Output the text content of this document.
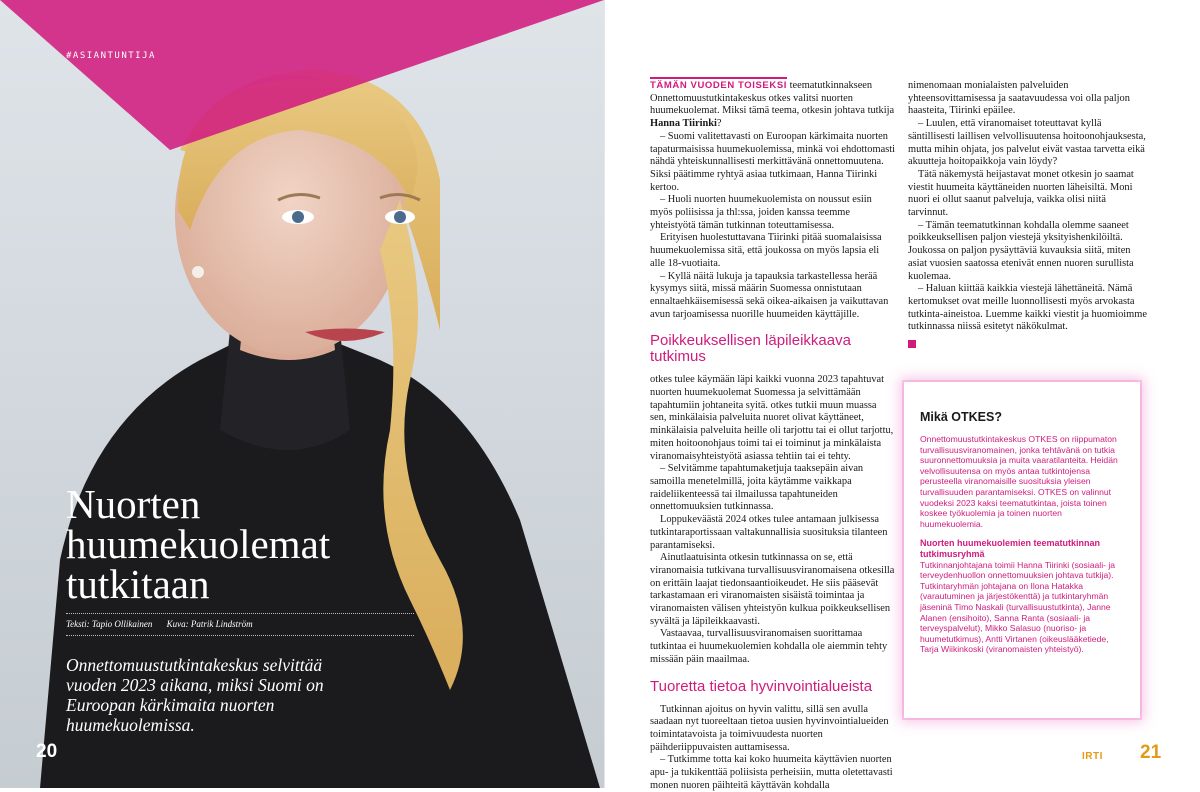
#ASIANTUNTIJA
Nuorten
huumekuolemat
tutkitaan
Teksti: Tapio Ollikainen Kuva: Patrik Lindström
Onnettomuustutkintakeskus selvittää vuoden 2023 aikana, miksi Suomi on Euroopan kärkimaita nuorten huumekuolemissa.
20

TÄMÄN VUODEN TOISEKSI teematutkinnakseen Onnettomuustutkintakeskus otkes valitsi nuorten huumekuolemat. Miksi tämä teema, otkesin johtava tutkija Hanna Tiirinki?

– Suomi valitettavasti on Euroopan kärkimaita nuorten tapaturmaisissa huumekuolemissa, minkä voi ehdottomasti nähdä yhteiskunnallisesti merkittävänä onnettomuutena. Siksi päätimme ryhtyä asiaa tutkimaan, Hanna Tiirinki kertoo.

– Huoli nuorten huumekuolemista on noussut esiin myös poliisissa ja thl:ssa, joiden kanssa teemme yhteistyötä tämän tutkinnan toteuttamisessa.

Erityisen huolestuttavana Tiirinki pitää suomalaisissa huumekuolemissa sitä, että joukossa on myös lapsia eli alle 18-vuotiaita.

– Kyllä näitä lukuja ja tapauksia tarkastellessa herää kysymys siitä, missä määrin Suomessa onnistutaan ennaltaehkäisemisessä sekä oikea-aikaisen ja vaikuttavan avun tarjoamisessa nuorille huumeiden käyttäjille.

Poikkeuksellisen läpileikkaava tutkimus

otkes tulee käymään läpi kaikki vuonna 2023 tapahtuvat nuorten huumekuolemat Suomessa ja selvittämään tapahtumiin johtaneita syitä. otkes tutkii muun muassa sen, minkälaisia palveluita nuoret olivat käyttäneet, minkälaisia palveluita heille oli tarjottu tai ei ollut tarjottu, miten hoitoonohjaus toimi tai ei toiminut ja minkälaista viranomaisyhteistyötä asiassa tehtiin tai ei tehty.

– Selvitämme tapahtumaketjuja taaksepäin aivan samoilla menetelmillä, joita käytämme vaikkapa raideliikenteessä tai ilmailussa tapahtuneiden onnettomuuksien tutkinnassa.

Loppukeväästä 2024 otkes tulee antamaan julkisessa tutkintaraportissaan valtakunnallisia suosituksia tilanteen parantamiseksi.

Ainutlaatuisinta otkesin tutkinnassa on se, että viranomaisia tutkivana turvallisuusviranomaisena otkesilla on erittäin laajat tiedonsaantioikeudet. He siis pääsevät tarkastamaan eri viranomaisten sisäistä toimintaa ja viranomaisten välisen yhteistyön kulkua poikkeuksellisen syvältä ja läpileikkaavasti.

Vastaavaa, turvallisuusviranomaisen suorittamaa tutkintaa ei huumekuolemien kohdalla ole aiemmin tehty missään päin maailmaa.

Tuoretta tietoa hyvinvointialueista

Tutkinnan ajoitus on hyvin valittu, sillä sen avulla saadaan nyt tuoreeltaan tietoa uusien hyvinvointialueiden toimintatavoista ja toimivuudesta nuorten päihderiippuvaisten auttamisessa.

– Tutkimme totta kai koko huumeita käyttävien nuorten apu- ja tukikenttää poliisista perheisiin, mutta oletettavasti monen nuoren päihteitä käyttävän kohdalla

nimenomaan monialaisten palveluiden yhteensovittamisessa ja saatavuudessa voi olla paljon haasteita, Tiirinki epäilee.

– Luulen, että viranomaiset toteuttavat kyllä säntillisesti laillisen velvollisuutensa hoitoonohjauksesta, mutta mihin ohjata, jos palvelut eivät vastaa tarvetta eikä akuutteja hoitopaikkoja vain löydy?

Tätä näkemystä heijastavat monet otkesin jo saamat viestit huumeita käyttäneiden nuorten läheisiltä. Moni nuori ei ollut saanut palveluja, vaikka olisi niitä tarvinnut.

– Tämän teematutkinnan kohdalla olemme saaneet poikkeuksellisen paljon viestejä yksityishenkilöiltä. Joukossa on paljon pysäyttäviä kuvauksia siitä, miten asiat vuosien saatossa etenivät ennen nuoren surullista kuolemaa.

– Haluan kiittää kaikkia viestejä lähettäneitä. Nämä kertomukset ovat meille luonnollisesti myös arvokasta tutkinta-aineistoa. Luemme kaikki viestit ja huomioimme tutkinnassa niissä esitetyt näkökulmat.

Mikä OTKES?

Onnettomuustutkintakeskus OTKES on riippumaton turvallisuusviranomainen, jonka tehtävänä on tutkia suuronnettomuuksia ja muita vaaratilanteita. Heidän velvollisuutensa on myös antaa tutkintojensa perusteella viranomaisille suosituksia yleisen turvallisuuden parantamiseksi. OTKES on valinnut vuodeksi 2023 kaksi teematutkintaa, joista toinen koskee työkuolemia ja toinen nuorten huumekuolemia.

Nuorten huumekuolemien teematutkinnan tutkimusryhmä

Tutkinnanjohtajana toimii Hanna Tiirinki (sosiaali- ja terveydenhuollon onnettomuuksien johtava tutkija). Tutkintaryhmän johtajana on Ilona Hatakka (varautuminen ja järjestökenttä) ja tutkintaryhmän jäseninä Timo Naskali (turvallisuustutkinta), Janne Alanen (ensihoito), Sanna Ranta (sosiaali- ja terveyspalvelut), Mikko Salasuo (nuoriso- ja huumetutkimus), Antti Virtanen (oikeuslääketiede, Tarja Wiikinkoski (viranomaisten yhteistyö).

IRTI 21
